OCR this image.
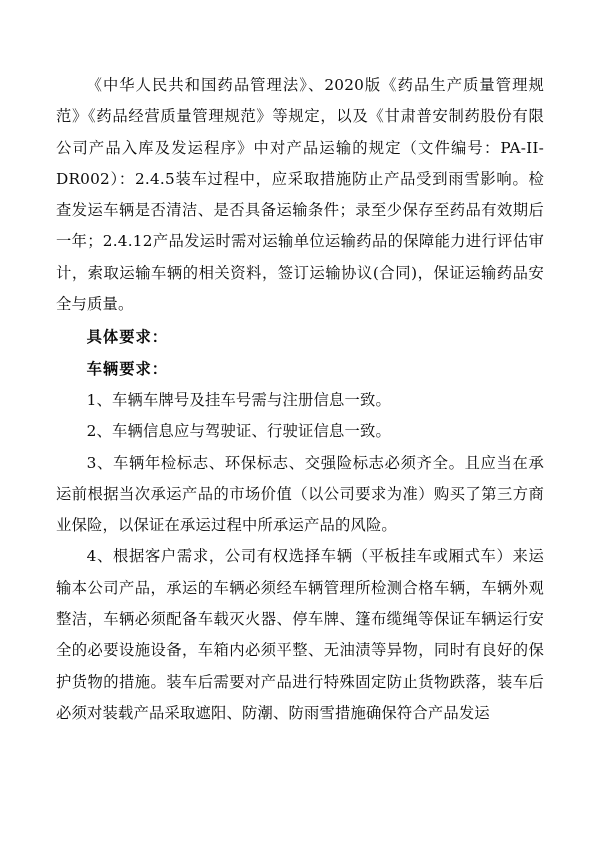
《中华人民共和国药品管理法》、2020版《药品生产质量管理规范》《药品经营质量管理规范》等规定，以及《甘肃普安制药股份有限公司产品入库及发运程序》中对产品运输的规定（文件编号：PA-II-DR002）：2.4.5装车过程中，应采取措施防止产品受到雨雪影响。检查发运车辆是否清洁、是否具备运输条件；录至少保存至药品有效期后一年；2.4.12产品发运时需对运输单位运输药品的保障能力进行评估审计，索取运输车辆的相关资料，签订运输协议(合同)，保证运输药品安全与质量。

具体要求：

车辆要求：

1、车辆车牌号及挂车号需与注册信息一致。

2、车辆信息应与驾驶证、行驶证信息一致。

3、车辆年检标志、环保标志、交强险标志必须齐全。且应当在承运前根据当次承运产品的市场价值（以公司要求为准）购买了第三方商业保险，以保证在承运过程中所承运产品的风险。

4、根据客户需求，公司有权选择车辆（平板挂车或厢式车）来运输本公司产品，承运的车辆必须经车辆管理所检测合格车辆，车辆外观整洁，车辆必须配备车载灭火器、停车牌、篷布缆绳等保证车辆运行安全的必要设施设备，车箱内必须平整、无油渍等异物，同时有良好的保护货物的措施。装车后需要对产品进行特殊固定防止货物跌落，装车后必须对装载产品采取遮阳、防潮、防雨雪措施确保符合产品发运
